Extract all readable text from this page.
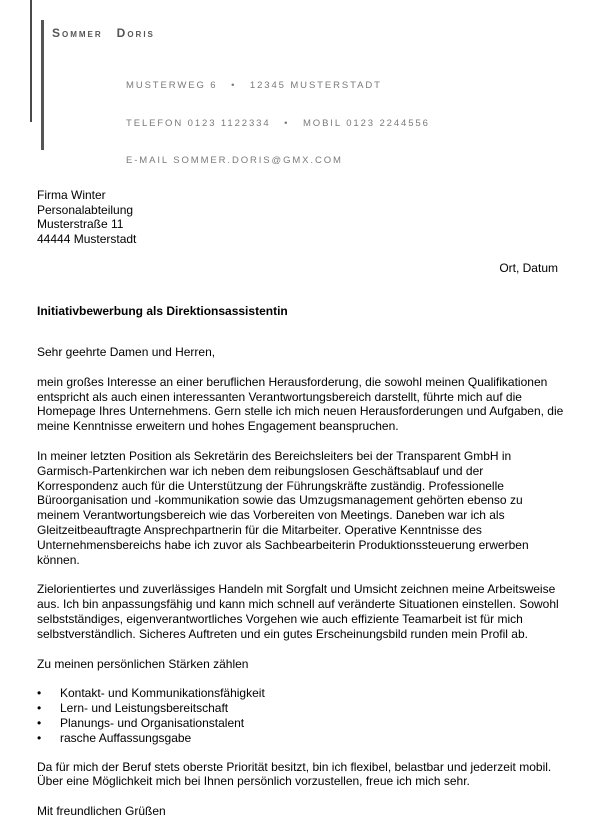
Sommer Doris

MUSTERWEG 6   •   12345 MUSTERSTADT

TELEFON 0123 1122334   •   MOBIL 0123 2244556

E-MAIL SOMMER.DORIS@GMX.COM

Firma Winter
Personalabteilung
Musterstraße 11
44444 Musterstadt
Ort, Datum
Initiativbewerbung als Direktionsassistentin

Sehr geehrte Damen und Herren,

mein großes Interesse an einer beruflichen Herausforderung, die sowohl meinen Qualifikationen entspricht als auch einen interessanten Verantwortungsbereich darstellt, führte mich auf die Homepage Ihres Unternehmens. Gern stelle ich mich neuen Herausforderungen und Aufgaben, die meine Kenntnisse erweitern und hohes Engagement beanspruchen.

In meiner letzten Position als Sekretärin des Bereichsleiters bei der Transparent GmbH in Garmisch-Partenkirchen war ich neben dem reibungslosen Geschäftsablauf und der Korrespondenz auch für die Unterstützung der Führungskräfte zuständig. Professionelle Büroorganisation und -kommunikation sowie das Umzugsmanagement gehörten ebenso zu meinem Verantwortungsbereich wie das Vorbereiten von Meetings. Daneben war ich als Gleitzeitbeauftragte Ansprechpartnerin für die Mitarbeiter. Operative Kenntnisse des Unternehmensbereichs habe ich zuvor als Sachbearbeiterin Produktionssteuerung erwerben können.

Zielorientiertes und zuverlässiges Handeln mit Sorgfalt und Umsicht zeichnen meine Arbeitsweise aus. Ich bin anpassungsfähig und kann mich schnell auf veränderte Situationen einstellen. Sowohl selbstständiges, eigenverantwortliches Vorgehen wie auch effiziente Teamarbeit ist für mich selbstverständlich. Sicheres Auftreten und ein gutes Erscheinungsbild runden mein Profil ab.

Zu meinen persönlichen Stärken zählen

• Kontakt- und Kommunikationsfähigkeit
• Lern- und Leistungsbereitschaft
• Planungs- und Organisationstalent
• rasche Auffassungsgabe

Da für mich der Beruf stets oberste Priorität besitzt, bin ich flexibel, belastbar und jederzeit mobil. Über eine Möglichkeit mich bei Ihnen persönlich vorzustellen, freue ich mich sehr.

Mit freundlichen Grüßen
